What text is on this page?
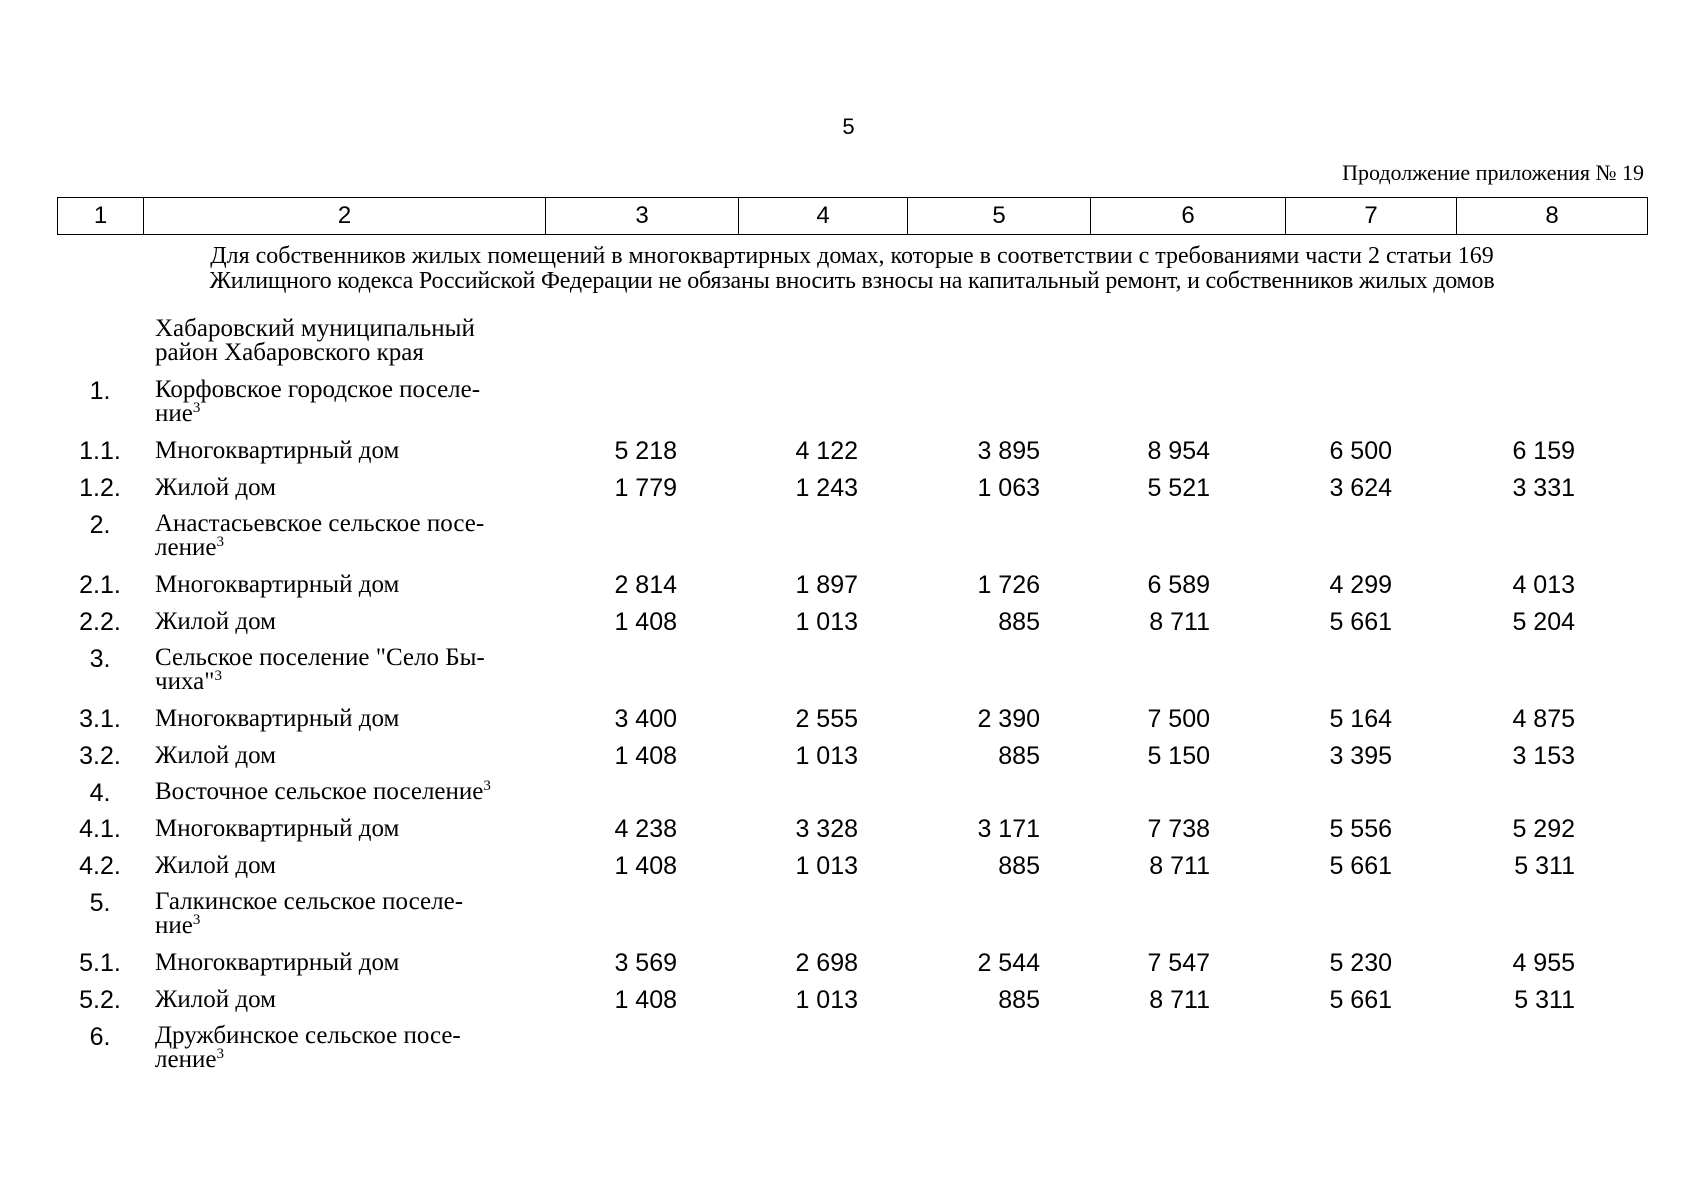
5
Продолжение приложения № 19
1	2	3	4	5	6	7	8
Для собственников жилых помещений в многоквартирных домах, которые в соответствии с требованиями части 2 статьи 169
Жилищного кодекса Российской Федерации не обязаны вносить взносы на капитальный ремонт, и собственников жилых домов
Хабаровский муниципальный
район Хабаровского края
1.	Корфовское городское поселе-
ние$^3$
1.1.	Многоквартирный дом	5 218	4 122	3 895	8 954	6 500	6 159
1.2.	Жилой дом	1 779	1 243	1 063	5 521	3 624	3 331
2.	Анастасьевское сельское посе-
ление$^3$
2.1.	Многоквартирный дом	2 814	1 897	1 726	6 589	4 299	4 013
2.2.	Жилой дом	1 408	1 013	885	8 711	5 661	5 204
3.	Сельское поселение "Село Бы-
чиха"$^3$
3.1.	Многоквартирный дом	3 400	2 555	2 390	7 500	5 164	4 875
3.2.	Жилой дом	1 408	1 013	885	5 150	3 395	3 153
4.	Восточное сельское поселение$^3$
4.1.	Многоквартирный дом	4 238	3 328	3 171	7 738	5 556	5 292
4.2.	Жилой дом	1 408	1 013	885	8 711	5 661	5 311
5.	Галкинское сельское поселе-
ние$^3$
5.1.	Многоквартирный дом	3 569	2 698	2 544	7 547	5 230	4 955
5.2.	Жилой дом	1 408	1 013	885	8 711	5 661	5 311
6.	Дружбинское сельское посе-
ление$^3$
